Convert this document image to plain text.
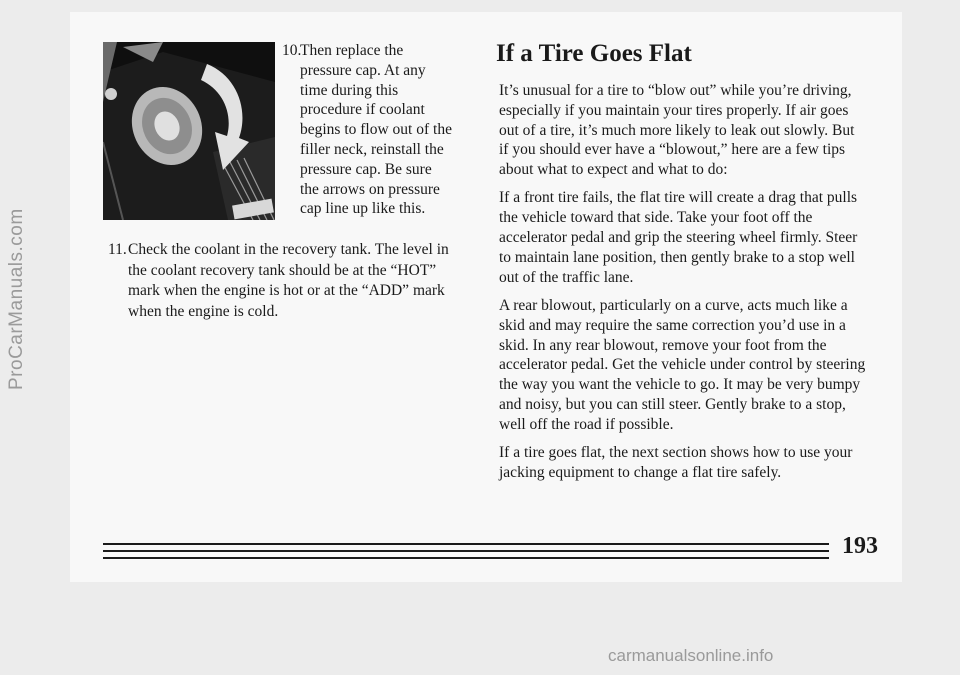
ProCarManuals.com
10.
Then replace the pressure cap. At any time during this procedure if coolant begins to flow out of the filler neck, reinstall the pressure cap. Be sure the arrows on pressure cap line up like this.
11. Check the coolant in the recovery tank. The level in the coolant recovery tank should be at the “HOT” mark when the engine is hot or at the “ADD” mark when the engine is cold.
If a Tire Goes Flat

It’s unusual for a tire to “blow out” while you’re driving, especially if you maintain your tires properly. If air goes out of a tire, it’s much more likely to leak out slowly. But if you should ever have a “blowout,” here are a few tips about what to expect and what to do:

If a front tire fails, the flat tire will create a drag that pulls the vehicle toward that side. Take your foot off the accelerator pedal and grip the steering wheel firmly. Steer to maintain lane position, then gently brake to a stop well out of the traffic lane.

A rear blowout, particularly on a curve, acts much like a skid and may require the same correction you’d use in a skid. In any rear blowout, remove your foot from the accelerator pedal. Get the vehicle under control by steering the way you want the vehicle to go. It may be very bumpy and noisy, but you can still steer. Gently brake to a stop, well off the road if possible.

If a tire goes flat, the next section shows how to use your jacking equipment to change a flat tire safely.

193
carmanualsonline.info
